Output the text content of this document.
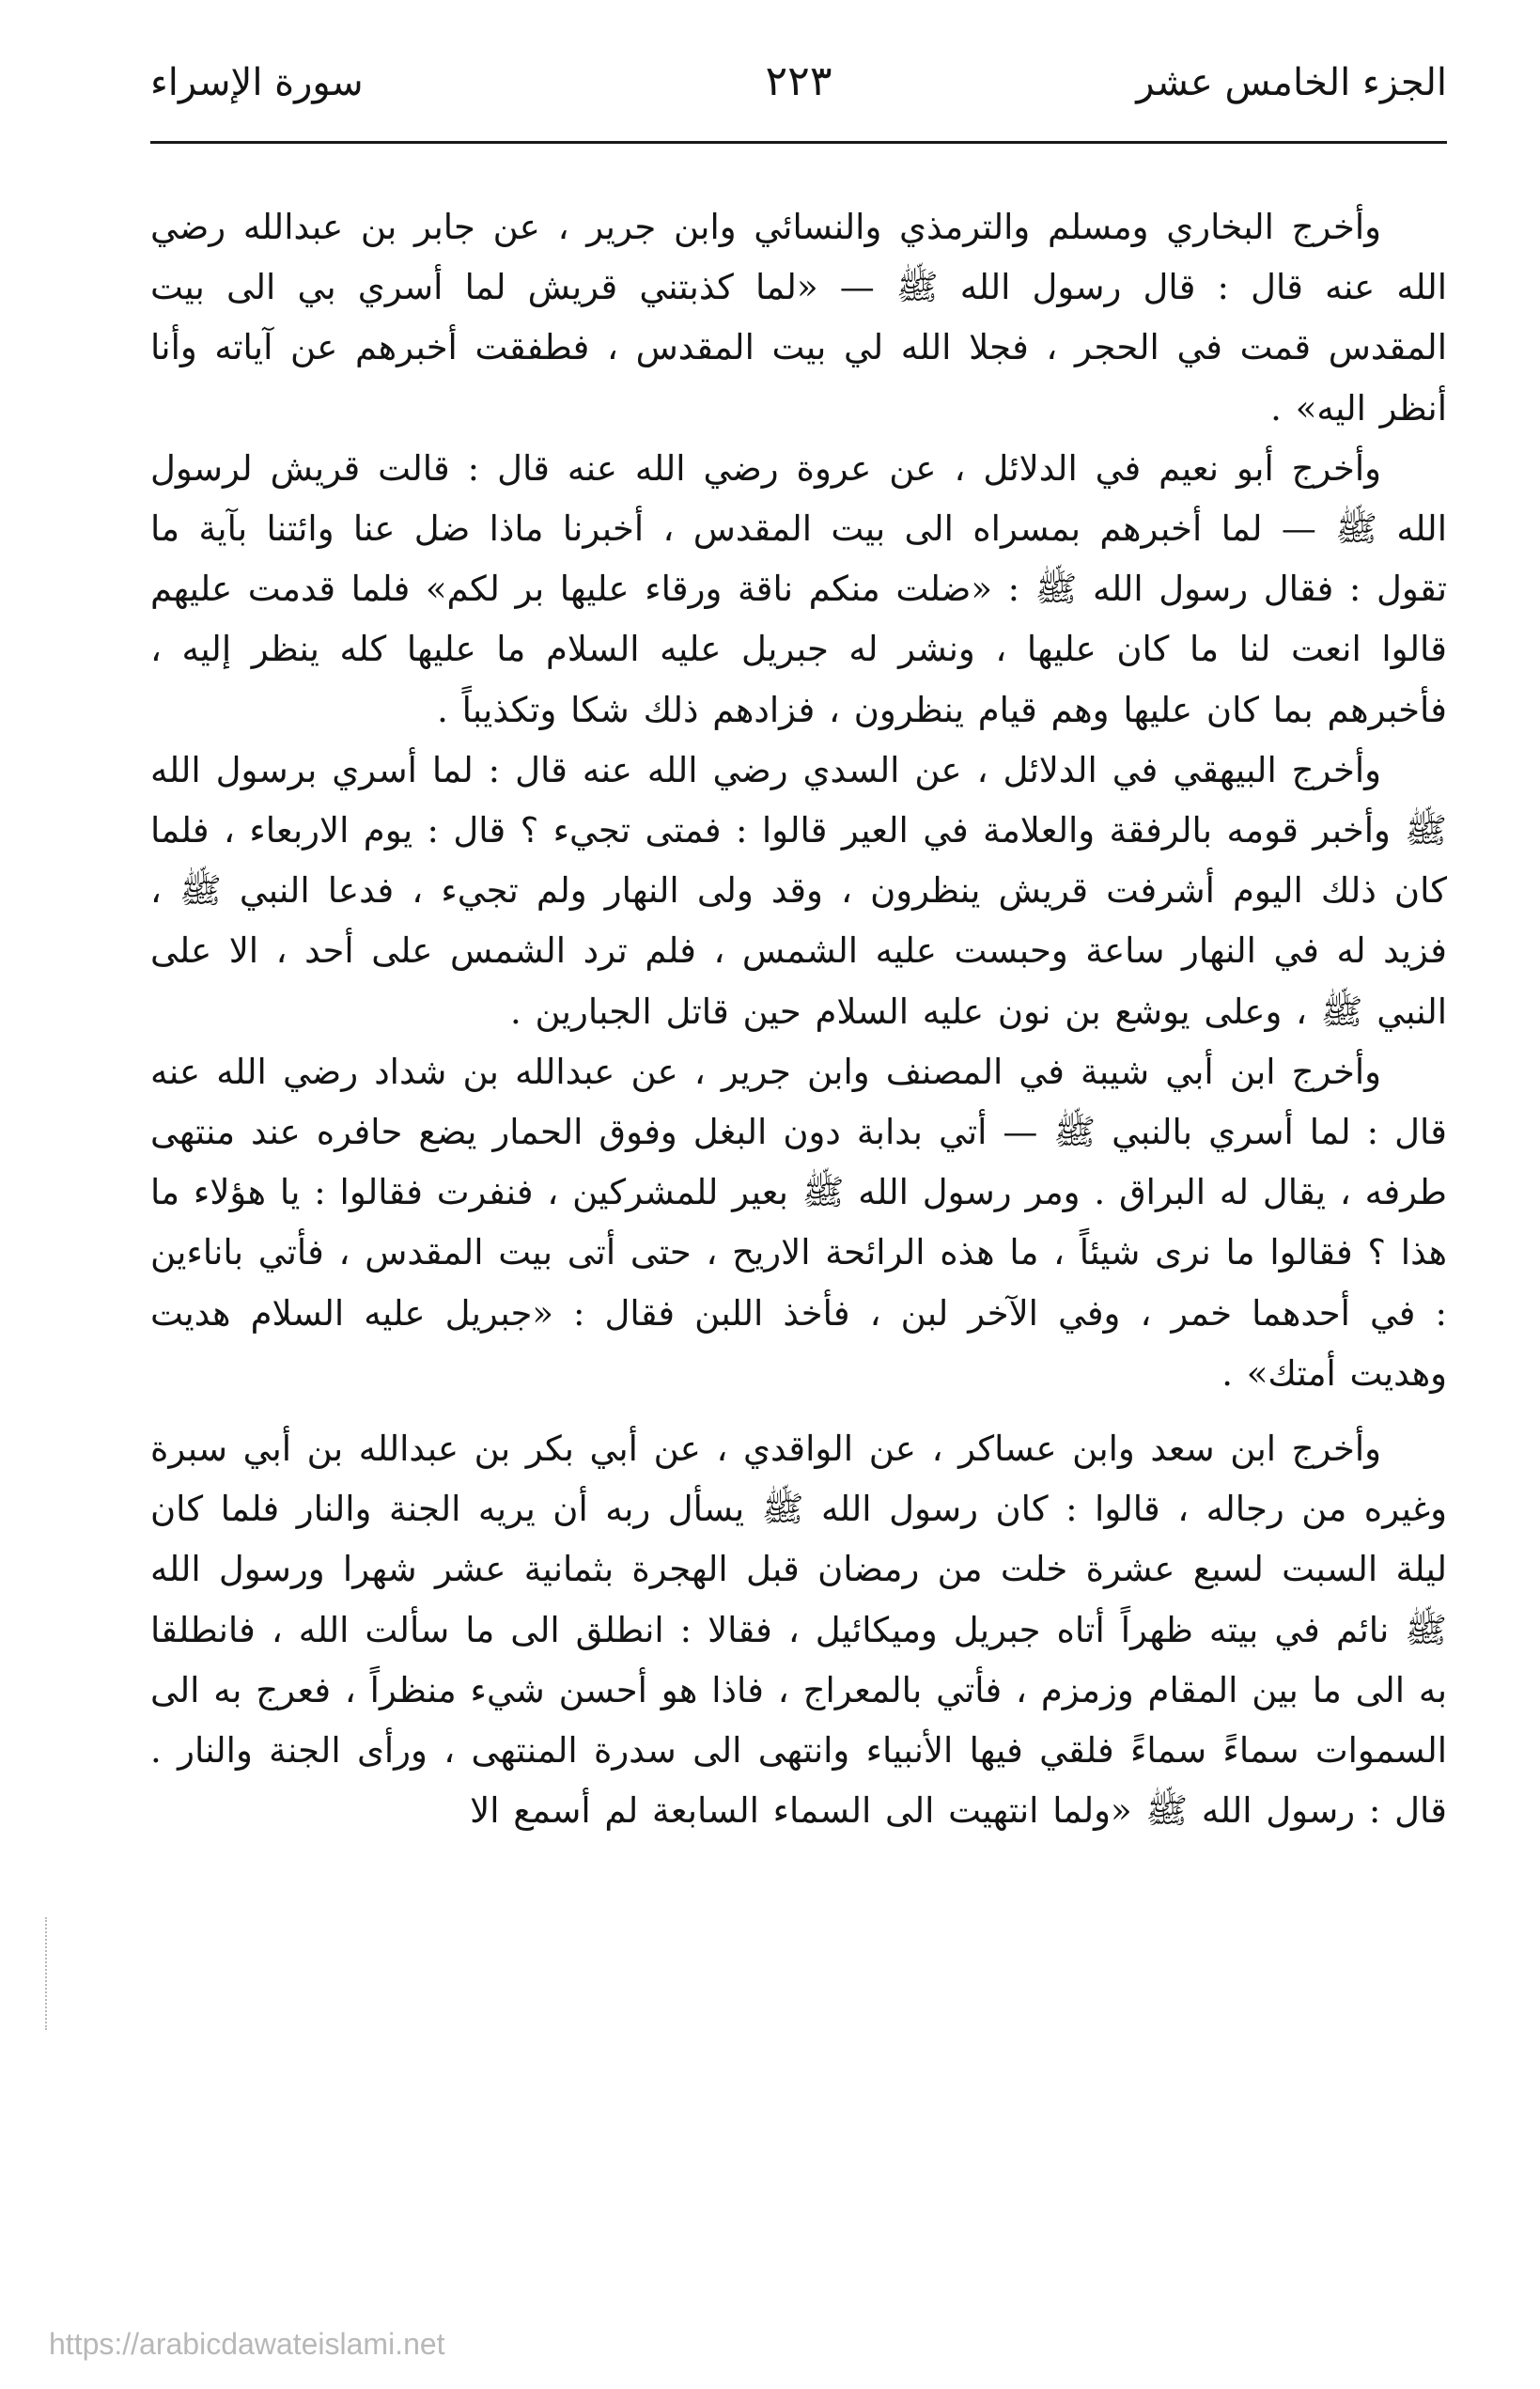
الجزء الخامس عشر
٢٢٣
سورة الإسراء

وأخرج البخاري ومسلم والترمذي والنسائي وابن جرير ، عن جابر بن عبدالله رضي الله عنه قال : قال رسول الله ﷺ — «لما كذبتني قريش لما أسري بي الى بيت المقدس قمت في الحجر ، فجلا الله لي بيت المقدس ، فطفقت أخبرهم عن آياته وأنا أنظر اليه» .

وأخرج أبو نعيم في الدلائل ، عن عروة رضي الله عنه قال : قالت قريش لرسول الله ﷺ — لما أخبرهم بمسراه الى بيت المقدس ، أخبرنا ماذا ضل عنا وائتنا بآية ما تقول : فقال رسول الله ﷺ : «ضلت منكم ناقة ورقاء عليها بر لكم» فلما قدمت عليهم قالوا انعت لنا ما كان عليها ، ونشر له جبريل عليه السلام ما عليها كله ينظر إليه ، فأخبرهم بما كان عليها وهم قيام ينظرون ، فزادهم ذلك شكا وتكذيباً .

وأخرج البيهقي في الدلائل ، عن السدي رضي الله عنه قال : لما أسري برسول الله ﷺ وأخبر قومه بالرفقة والعلامة في العير قالوا : فمتى تجيء ؟ قال : يوم الاربعاء ، فلما كان ذلك اليوم أشرفت قريش ينظرون ، وقد ولى النهار ولم تجيء ، فدعا النبي ﷺ ، فزيد له في النهار ساعة وحبست عليه الشمس ، فلم ترد الشمس على أحد ، الا على النبي ﷺ ، وعلى يوشع بن نون عليه السلام حين قاتل الجبارين .

وأخرج ابن أبي شيبة في المصنف وابن جرير ، عن عبدالله بن شداد رضي الله عنه قال : لما أسري بالنبي ﷺ — أتي بدابة دون البغل وفوق الحمار يضع حافره عند منتهى طرفه ، يقال له البراق . ومر رسول الله ﷺ بعير للمشركين ، فنفرت فقالوا : يا هؤلاء ما هذا ؟ فقالوا ما نرى شيئاً ، ما هذه الرائحة الاريح ، حتى أتى بيت المقدس ، فأتي باناءين : في أحدهما خمر ، وفي الآخر لبن ، فأخذ اللبن فقال : «جبريل عليه السلام هديت وهديت أمتك» .

وأخرج ابن سعد وابن عساكر ، عن الواقدي ، عن أبي بكر بن عبدالله بن أبي سبرة وغيره من رجاله ، قالوا : كان رسول الله ﷺ يسأل ربه أن يريه الجنة والنار فلما كان ليلة السبت لسبع عشرة خلت من رمضان قبل الهجرة بثمانية عشر شهرا ورسول الله ﷺ نائم في بيته ظهراً أتاه جبريل وميكائيل ، فقالا : انطلق الى ما سألت الله ، فانطلقا به الى ما بين المقام وزمزم ، فأتي بالمعراج ، فاذا هو أحسن شيء منظراً ، فعرج به الى السموات سماءً سماءً فلقي فيها الأنبياء وانتهى الى سدرة المنتهى ، ورأى الجنة والنار . قال : رسول الله ﷺ «ولما انتهيت الى السماء السابعة لم أسمع الا

https://arabicdawateislami.net
